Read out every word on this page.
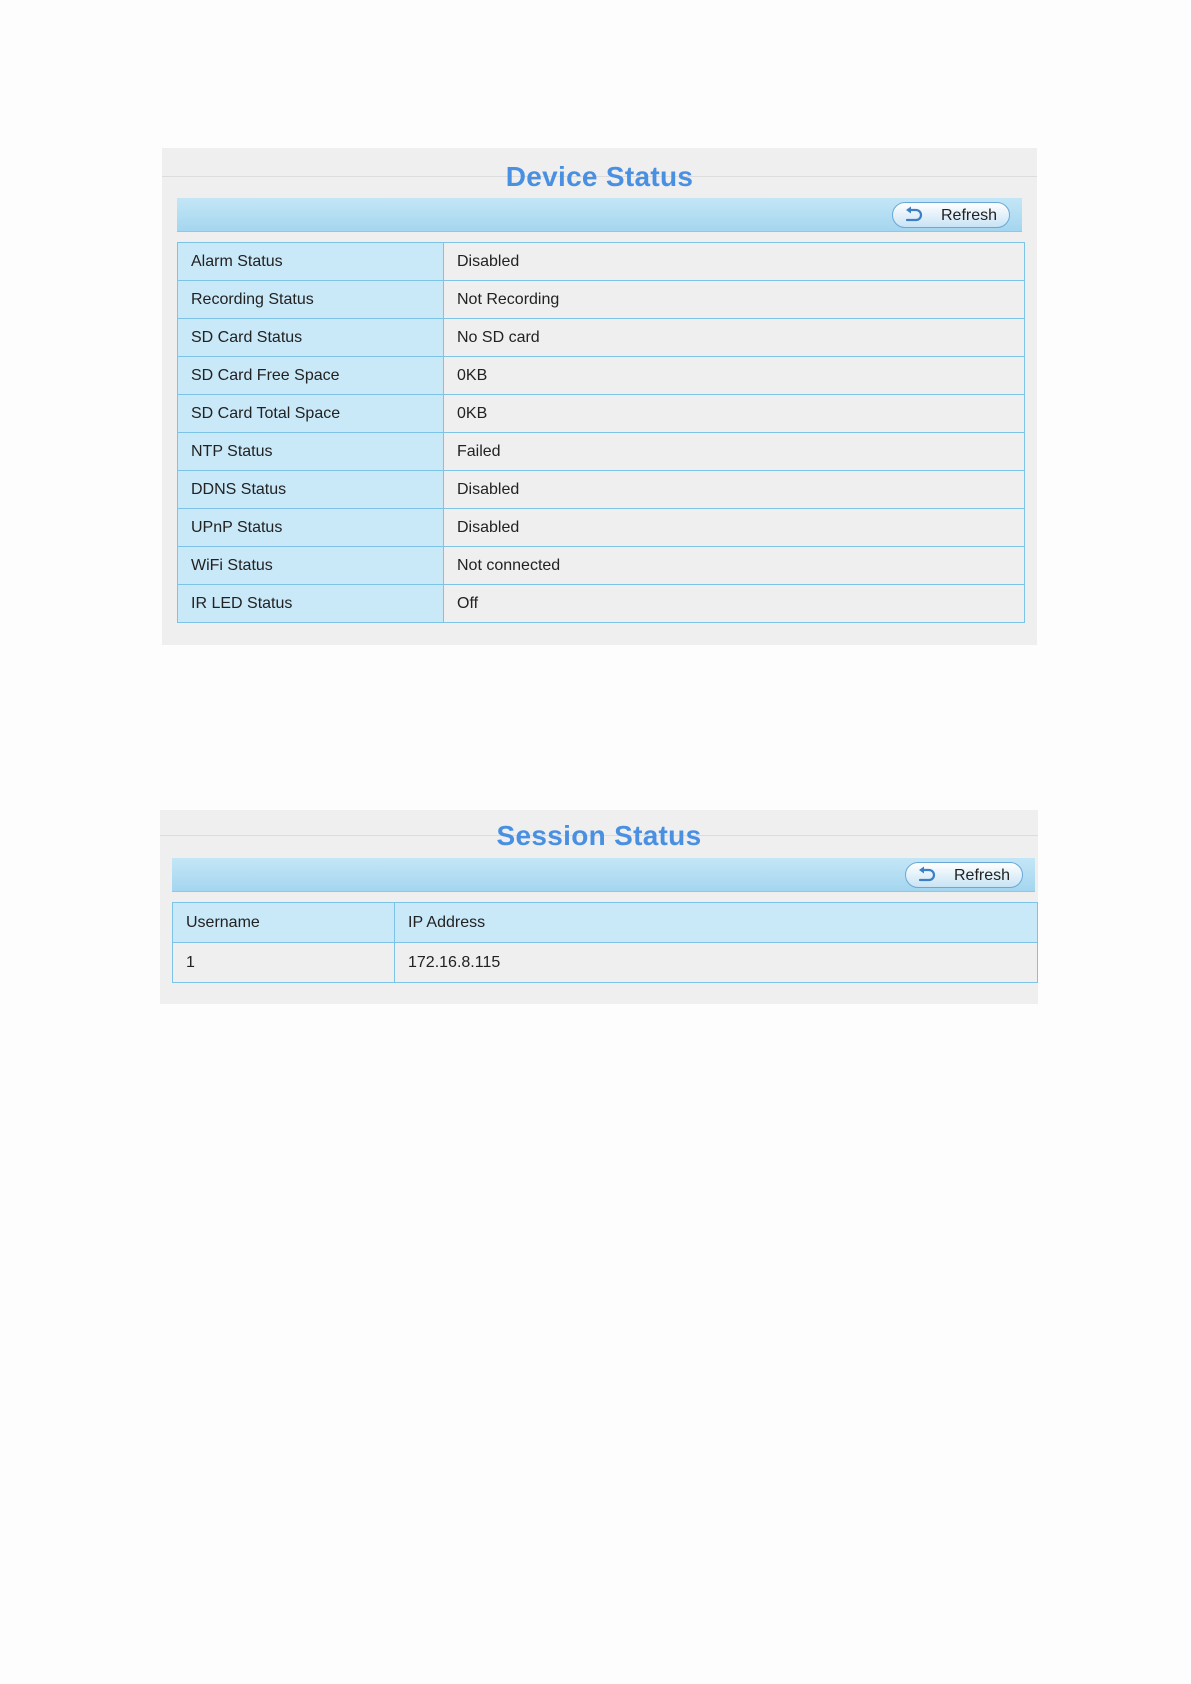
Device Status
Refresh
Alarm Status	Disabled
Recording Status	Not Recording
SD Card Status	No SD card
SD Card Free Space	0KB
SD Card Total Space	0KB
NTP Status	Failed
DDNS Status	Disabled
UPnP Status	Disabled
WiFi Status	Not connected
IR LED Status	Off
Session Status
Refresh
Username	IP Address
1	172.16.8.115
